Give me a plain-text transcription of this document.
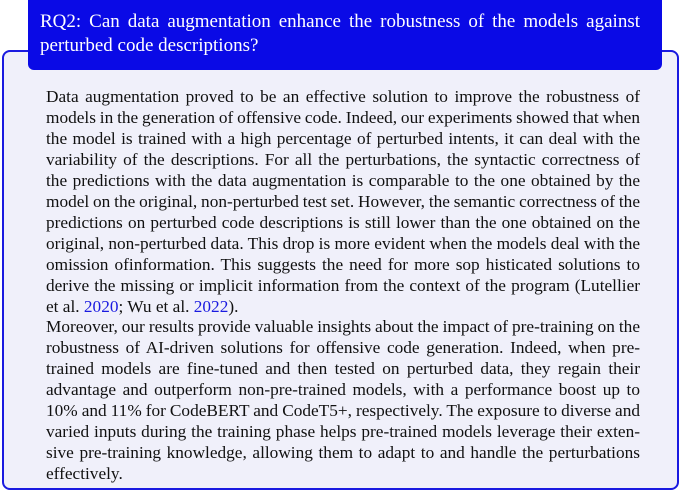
RQ2: Can data augmentation enhance the robustness of the models against
perturbed code descriptions?
Data augmentation proved to be an effective solution to improve the robustness of
models in the generation of offensive code. Indeed, our experiments showed that when
the model is trained with a high percentage of perturbed intents, it can deal with the
variability of the descriptions. For all the perturbations, the syntactic correctness of
the predictions with the data augmentation is comparable to the one obtained by the
model on the original, non-perturbed test set. However, the semantic correctness of the
predictions on perturbed code descriptions is still lower than the one obtained on the
original, non-perturbed data. This drop is more evident when the models deal with the
omission ofinformation. This suggests the need for more sop histicated solutions to
derive the missing or implicit information from the context of the program (Lutellier
et al. 2020; Wu et al. 2022).
Moreover, our results provide valuable insights about the impact of pre-training on the
robustness of AI-driven solutions for offensive code generation. Indeed, when pre-
trained models are fine-tuned and then tested on perturbed data, they regain their
advantage and outperform non-pre-trained models, with a performance boost up to
10% and 11% for CodeBERT and CodeT5+, respectively. The exposure to diverse and
varied inputs during the training phase helps pre-trained models leverage their exten-
sive pre-training knowledge, allowing them to adapt to and handle the perturbations
effectively.
